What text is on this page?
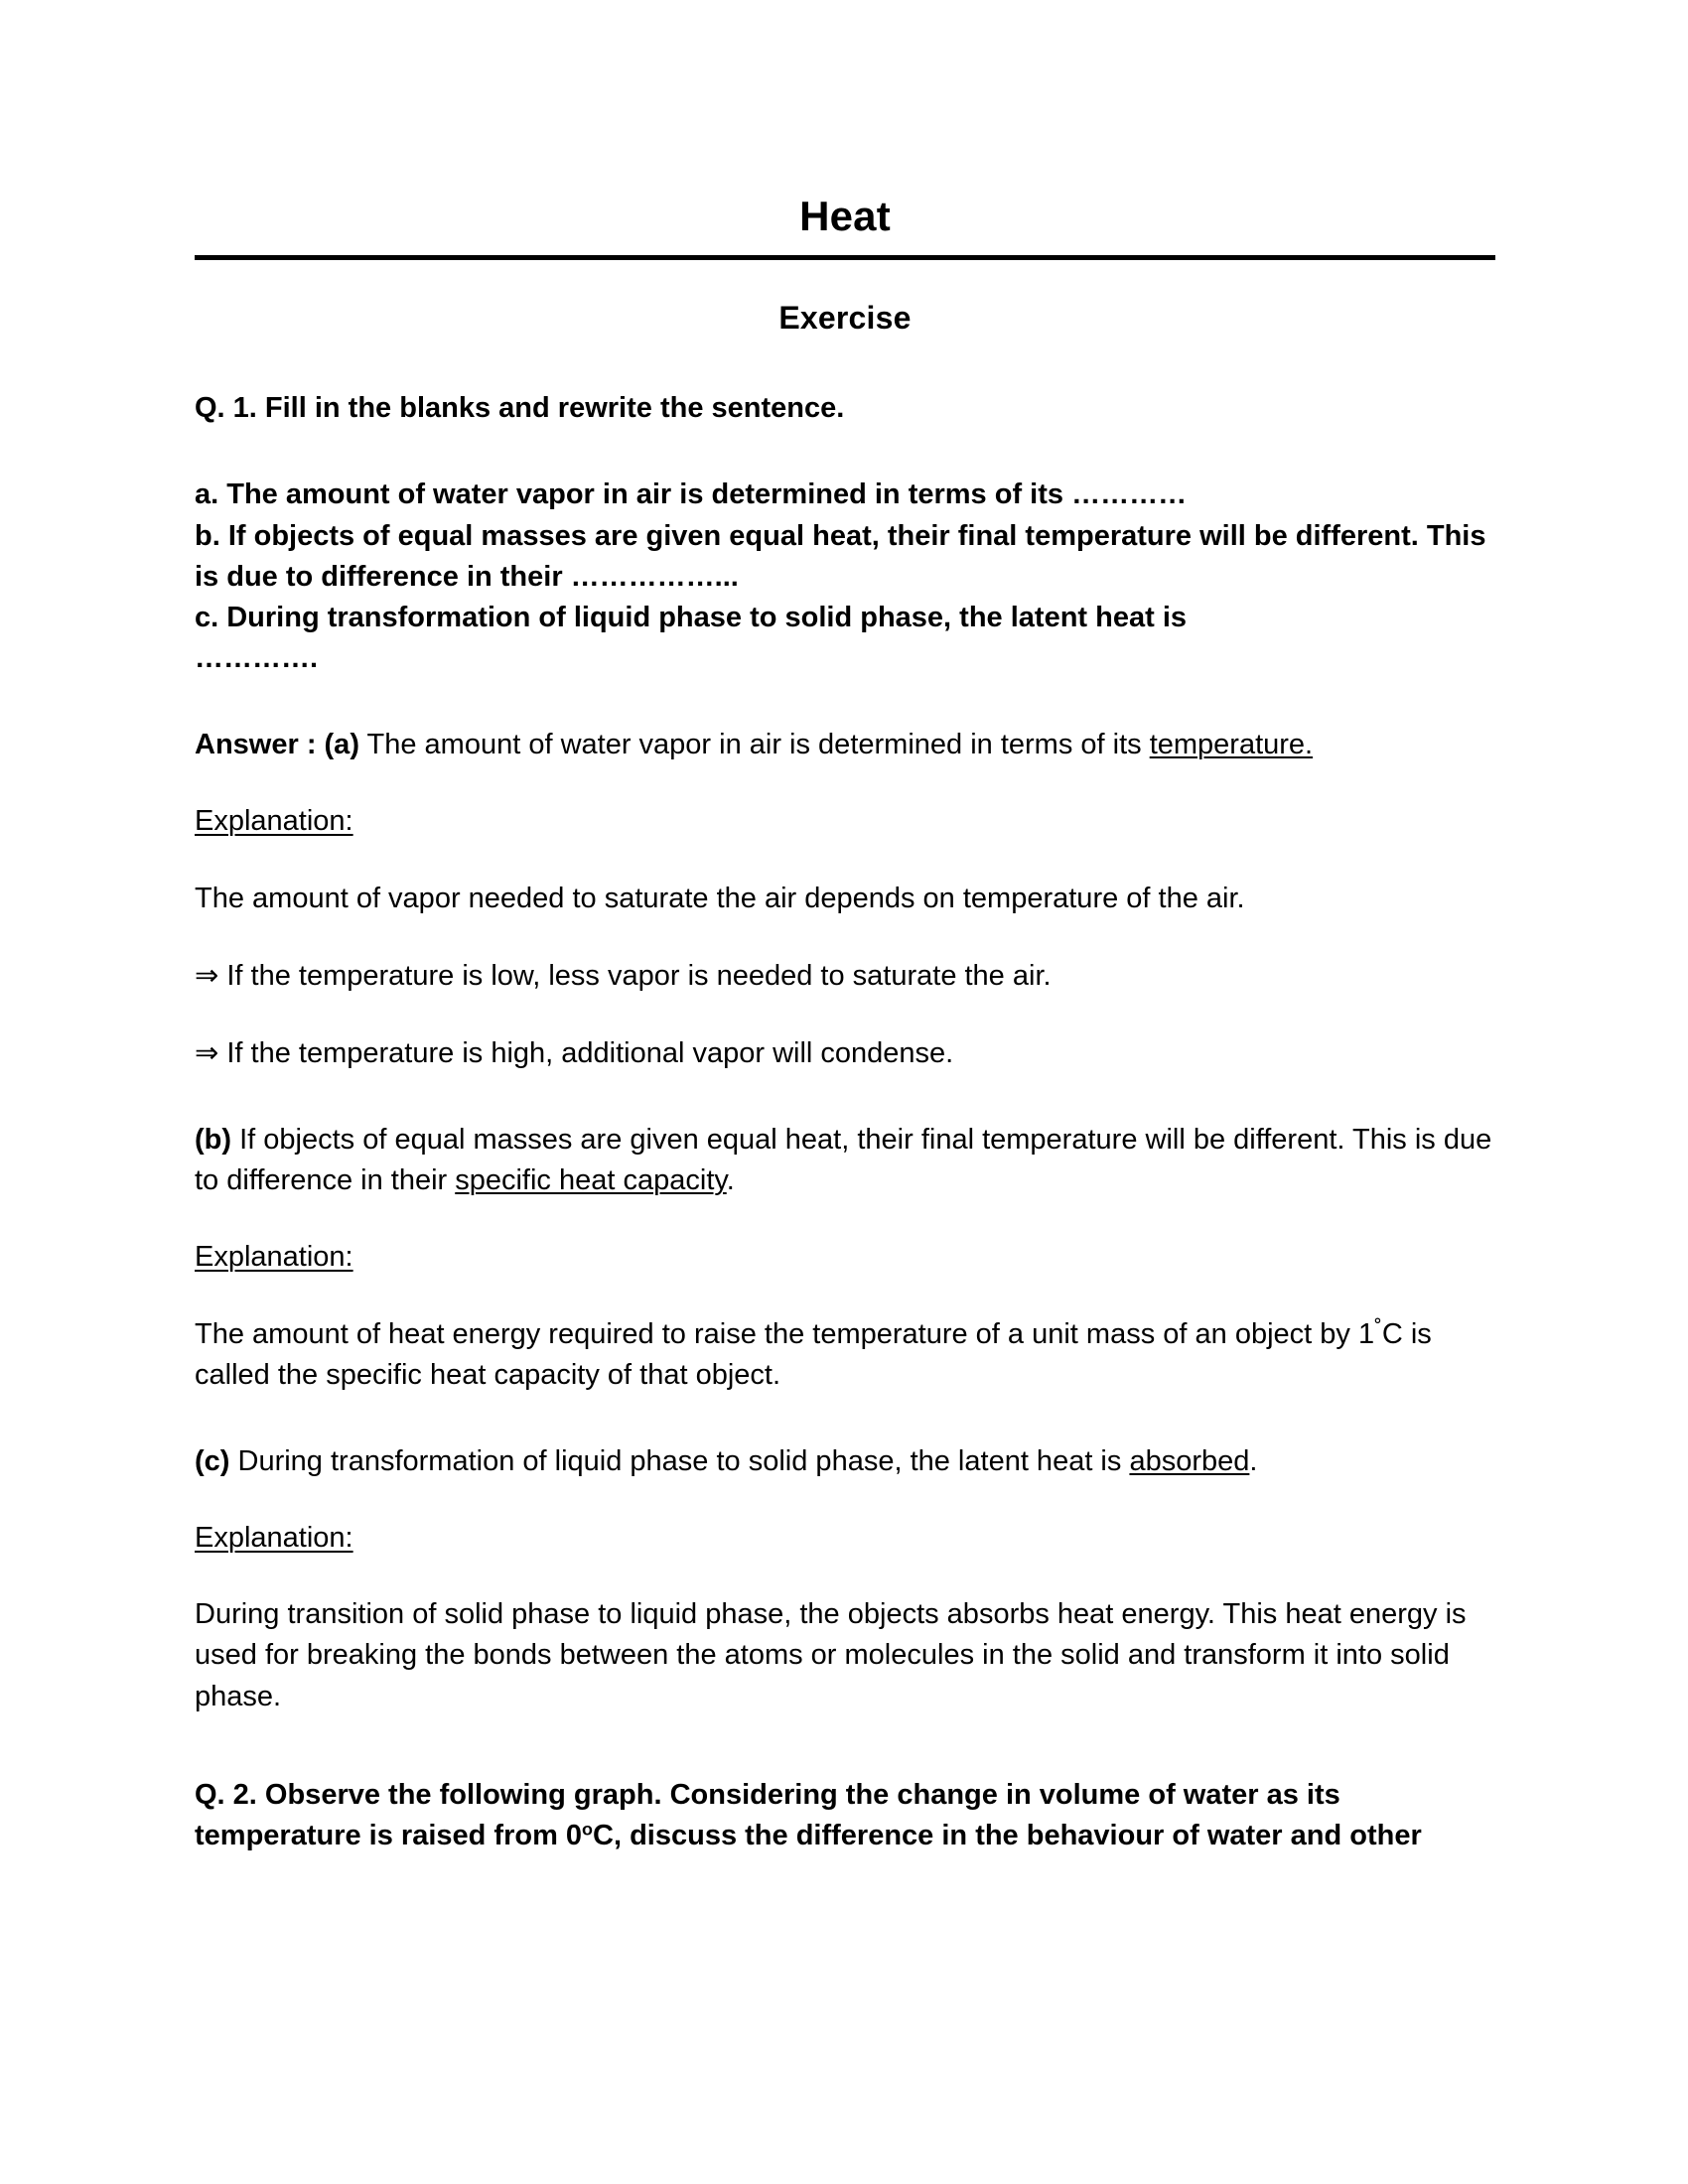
Heat
Exercise

Q. 1. Fill in the blanks and rewrite the sentence.

a. The amount of water vapor in air is determined in terms of its …………

b. If objects of equal masses are given equal heat, their final temperature will be different. This is due to difference in their ……………...

c. During transformation of liquid phase to solid phase, the latent heat is

………….

Answer : (a) The amount of water vapor in air is determined in terms of its temperature.

Explanation:

The amount of vapor needed to saturate the air depends on temperature of the air.

⇒ If the temperature is low, less vapor is needed to saturate the air.

⇒ If the temperature is high, additional vapor will condense.

(b) If objects of equal masses are given equal heat, their final temperature will be different. This is due to difference in their specific heat capacity.

Explanation:

The amount of heat energy required to raise the temperature of a unit mass of an object by 1˚C is called the specific heat capacity of that object.

(c) During transformation of liquid phase to solid phase, the latent heat is absorbed.

Explanation:

During transition of solid phase to liquid phase, the objects absorbs heat energy. This heat energy is used for breaking the bonds between the atoms or molecules in the solid and transform it into solid phase.

Q. 2. Observe the following graph. Considering the change in volume of water as its temperature is raised from 0$^o$C, discuss the difference in the behaviour of water and other
